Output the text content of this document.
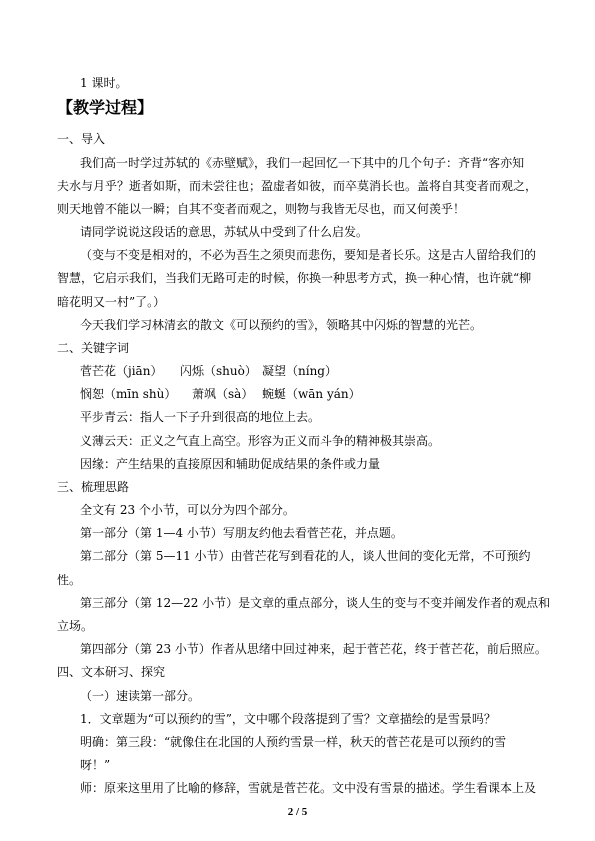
1 课时。
【教学过程】
一、导入
我们高一时学过苏轼的《赤壁赋》，我们一起回忆一下其中的几个句子：齐背“客亦知
夫水与月乎？逝者如斯，而未尝往也；盈虚者如彼，而卒莫消长也。盖将自其变者而观之，
则天地曾不能以一瞬；自其不变者而观之，则物与我皆无尽也，而又何羡乎！
请同学说说这段话的意思，苏轼从中受到了什么启发。
（变与不变是相对的，不必为吾生之须臾而悲伤，要知是者长乐。这是古人留给我们的
智慧，它启示我们，当我们无路可走的时候，你换一种思考方式，换一种心情，也许就“柳
暗花明又一村”了。）
今天我们学习林清玄的散文《可以预约的雪》，领略其中闪烁的智慧的光芒。
二、关键字词
菅芒花（jiān） 闪烁（shuò） 凝望（níng）
悯恕（mīn shù） 萧飒（sà） 蜿蜒（wān yán）
平步青云：指人一下子升到很高的地位上去。
义薄云天：正义之气直上高空。形容为正义而斗争的精神极其崇高。
因缘：产生结果的直接原因和辅助促成结果的条件或力量
三、梳理思路
全文有 23 个小节，可以分为四个部分。
第一部分（第 1—4 小节）写朋友约他去看菅芒花，并点题。
第二部分（第 5—11 小节）由菅芒花写到看花的人，谈人世间的变化无常，不可预约
性。
第三部分（第 12—22 小节）是文章的重点部分，谈人生的变与不变并阐发作者的观点和
立场。
第四部分（第 23 小节）作者从思绪中回过神来，起于菅芒花，终于菅芒花，前后照应。
四、文本研习、探究
（一）速读第一部分。
1．文章题为“可以预约的雪”，文中哪个段落提到了雪？文章描绘的是雪景吗？
明确：第三段：“就像住在北国的人预约雪景一样，秋天的菅芒花是可以预约的雪
呀！”
师：原来这里用了比喻的修辞，雪就是菅芒花。文中没有雪景的描述。学生看课本上及
2 / 5
